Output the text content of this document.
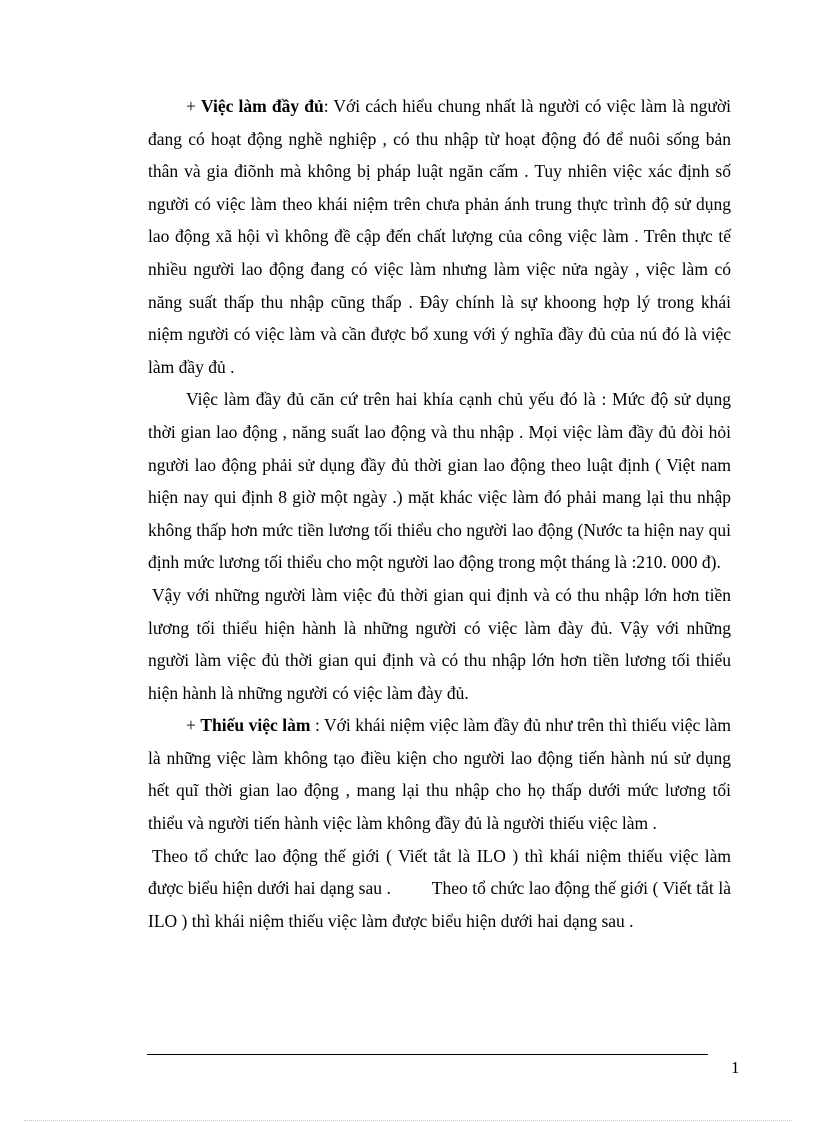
+ Việc làm đầy đủ: Với cách hiểu chung nhất là người có việc làm là người đang có hoạt động nghề nghiệp , có thu nhập từ hoạt động đó để nuôi sống bản thân và gia điõnh mà không bị pháp luật ngăn cấm . Tuy nhiên việc xác định số người có việc làm theo khái niệm trên chưa phản ánh trung thực trình độ sử dụng lao động xã hội vì không đề cập đến chất lượng của công việc làm . Trên thực tế nhiều người lao động đang có việc làm nhưng làm việc nửa ngày , việc làm có năng suất thấp thu nhập cũng thấp . Đây chính là sự khoong hợp lý trong khái niệm người có việc làm và cần được bổ xung với ý nghĩa đầy đủ của nú đó là việc làm đầy đủ .

Việc làm đầy đủ căn cứ trên hai khía cạnh chủ yếu đó là : Mức độ sử dụng thời gian lao động , năng suất lao động và thu nhập . Mọi việc làm đầy đủ đòi hỏi người lao động phải sử dụng đầy đủ thời gian lao động theo luật định ( Việt nam hiện nay qui định 8 giờ một ngày .) mặt khác việc làm đó phải mang lại thu nhập không thấp hơn mức tiền lương tối thiểu cho người lao động (Nước ta hiện nay qui định mức lương tối thiểu cho một người lao động trong một tháng là :210. 000 đ).

Vậy với những người làm việc đủ thời gian qui định và có thu nhập lớn hơn tiền lương tối thiểu hiện hành là những người có việc làm đày đủ. Vậy với những người làm việc đủ thời gian qui định và có thu nhập lớn hơn tiền lương tối thiểu hiện hành là những người có việc làm đày đủ.

+ Thiếu việc làm : Với khái niệm việc làm đầy đủ như trên thì thiếu việc làm là những việc làm không tạo điều kiện cho người lao động tiến hành nú sử dụng hết quĩ thời gian lao động , mang lại thu nhập cho họ thấp dưới mức lương tối thiểu và người tiến hành việc làm không đầy đủ là người thiếu việc làm .

Theo tổ chức lao động thế giới ( Viết tắt là ILO ) thì khái niệm thiếu việc làm được biểu hiện dưới hai dạng sau .         Theo tổ chức lao động thế giới ( Viết tắt là ILO ) thì khái niệm thiếu việc làm được biểu hiện dưới hai dạng sau .

1
